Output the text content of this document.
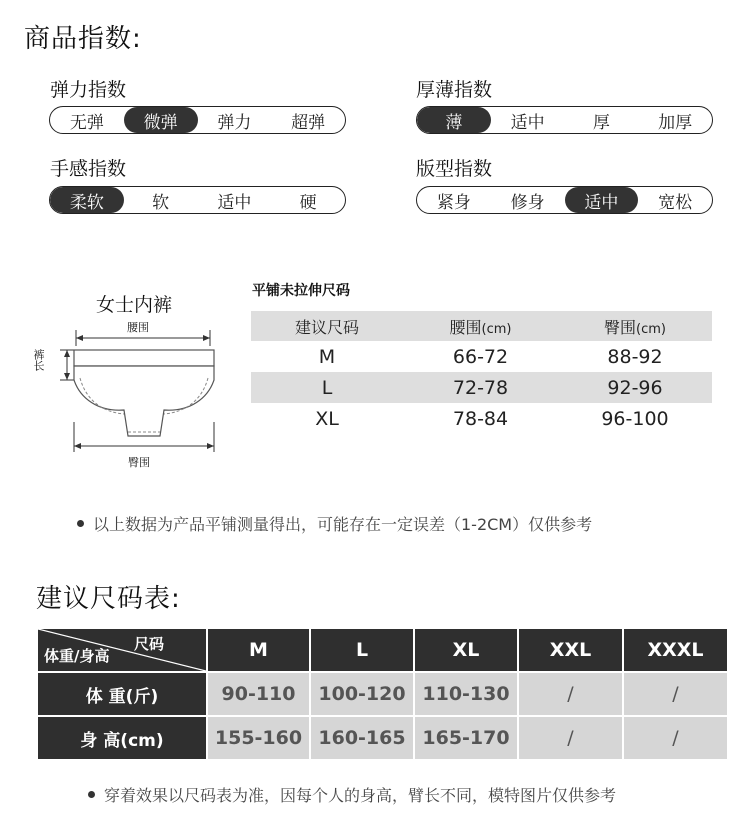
商品指数:
弹力指数
无弹	微弹	弹力	超弹
厚薄指数
薄	适中	厚	加厚
手感指数
柔软	软	适中	硬
版型指数
紧身	修身	适中	宽松
女士内裤
腰围
裤长
臀围
平铺未拉伸尺码
建议尺码	腰围(cm)	臀围(cm)
M	66-72	88-92
L	72-78	92-96
XL	78-84	96-100
以上数据为产品平铺测量得出，可能存在一定误差（1-2CM）仅供参考
建议尺码表:
尺码
体重/身高	M	L	XL	XXL	XXXL
体 重(斤)	90-110	100-120	110-130	/	/
身 高(cm)	155-160	160-165	165-170	/	/
穿着效果以尺码表为准，因每个人的身高，臂长不同，模特图片仅供参考
